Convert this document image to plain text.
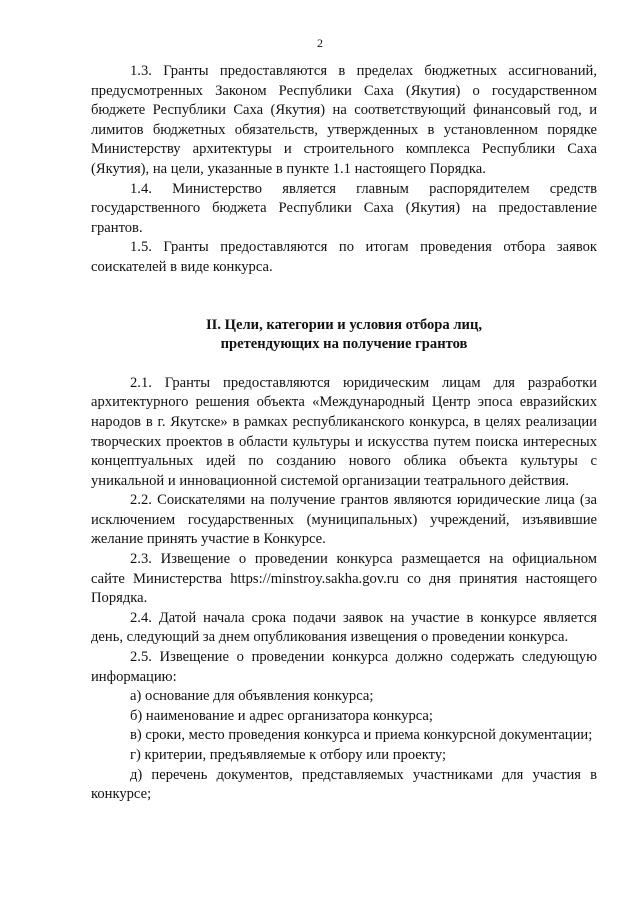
2

1.3. Гранты предоставляются в пределах бюджетных ассигнований, предусмотренных Законом Республики Саха (Якутия) о государственном бюджете Республики Саха (Якутия) на соответствующий финансовый год, и лимитов бюджетных обязательств, утвержденных в установленном порядке Министерству архитектуры и строительного комплекса Республики Саха (Якутия), на цели, указанные в пункте 1.1 настоящего Порядка.

1.4. Министерство является главным распорядителем средств государственного бюджета Республики Саха (Якутия) на предоставление грантов.

1.5. Гранты предоставляются по итогам проведения отбора заявок соискателей в виде конкурса.

II. Цели, категории и условия отбора лиц,
претендующих на получение грантов

2.1. Гранты предоставляются юридическим лицам для разработки архитектурного решения объекта «Международный Центр эпоса евразийских народов в г. Якутске» в рамках республиканского конкурса, в целях реализации творческих проектов в области культуры и искусства путем поиска интересных концептуальных идей по созданию нового облика объекта культуры с уникальной и инновационной системой организации театрального действия.

2.2. Соискателями на получение грантов являются юридические лица (за исключением государственных (муниципальных) учреждений, изъявившие желание принять участие в Конкурсе.

2.3. Извещение о проведении конкурса размещается на официальном сайте Министерства https://minstroy.sakha.gov.ru со дня принятия настоящего Порядка.

2.4. Датой начала срока подачи заявок на участие в конкурсе является день, следующий за днем опубликования извещения о проведении конкурса.

2.5. Извещение о проведении конкурса должно содержать следующую информацию:

а) основание для объявления конкурса;

б) наименование и адрес организатора конкурса;

в) сроки, место проведения конкурса и приема конкурсной документации;

г) критерии, предъявляемые к отбору или проекту;

д) перечень документов, представляемых участниками для участия в конкурсе;
